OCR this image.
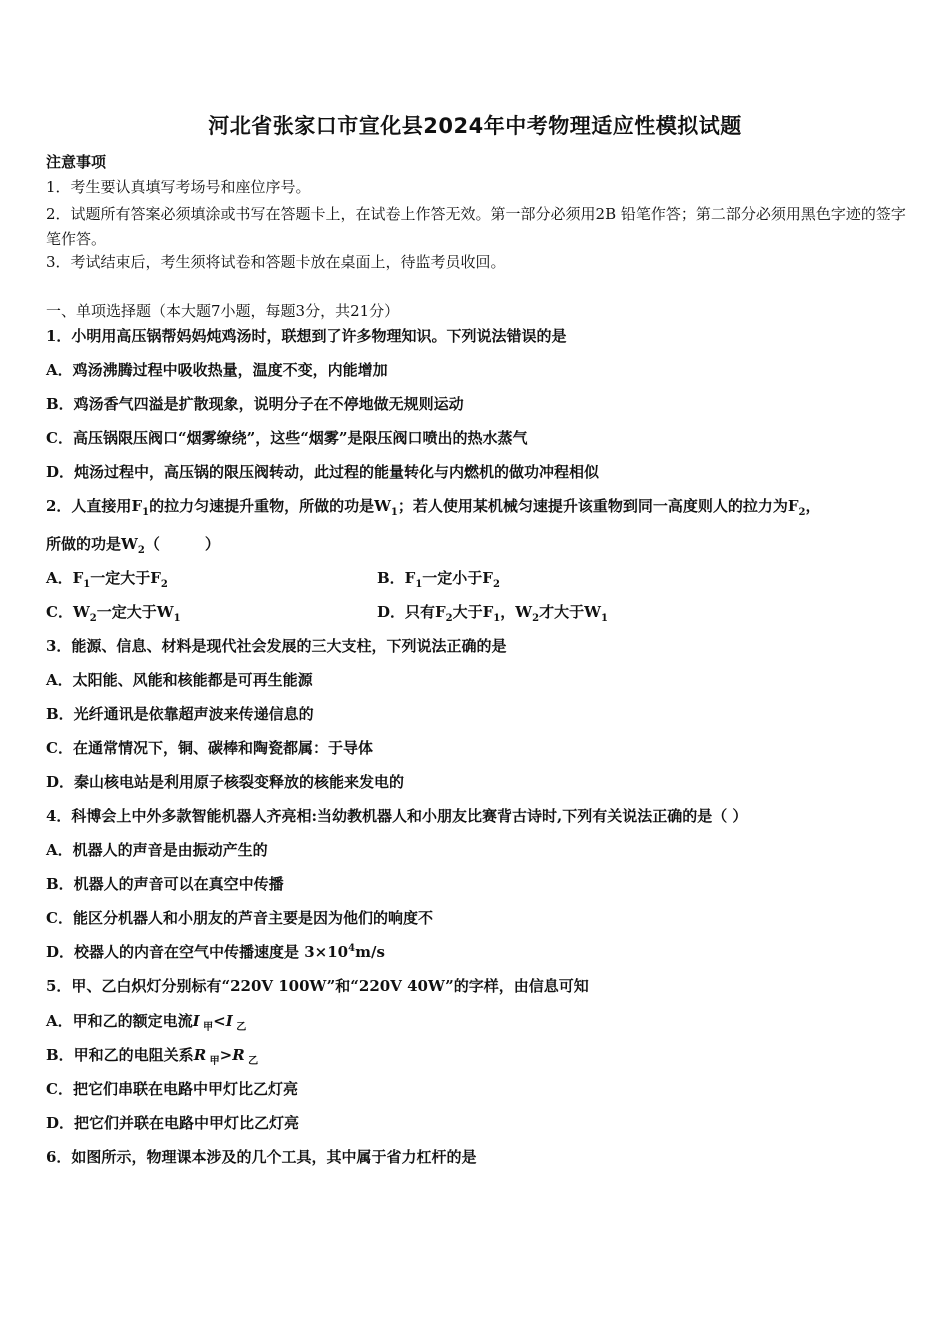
河北省张家口市宣化县2024年中考物理适应性模拟试题
注意事项
1．考生要认真填写考场号和座位序号。
2．试题所有答案必须填涂或书写在答题卡上，在试卷上作答无效。第一部分必须用2B 铅笔作答；第二部分必须用黑色字迹的签字笔作答。
3．考试结束后，考生须将试卷和答题卡放在桌面上，待监考员收回。
一、单项选择题（本大题7小题，每题3分，共21分）
1．小明用高压锅帮妈妈炖鸡汤时，联想到了许多物理知识。下列说法错误的是
A．鸡汤沸腾过程中吸收热量，温度不变，内能增加
B．鸡汤香气四溢是扩散现象，说明分子在不停地做无规则运动
C．高压锅限压阀口“烟雾缭绕”，这些“烟雾”是限压阀口喷出的热水蒸气
D．炖汤过程中，高压锅的限压阀转动，此过程的能量转化与内燃机的做功冲程相似
2．人直接用$F_1$的拉力匀速提升重物，所做的功是$W_1$；若人使用某机械匀速提升该重物到同一高度则人的拉力为$F_2$，
所做的功是$W_2$（　　　）
A．$F_1$一定大于$F_2$	B．$F_1$一定小于$F_2$
C．$W_2$一定大于$W_1$	D．只有$F_2$大于$F_1$，$W_2$才大于$W_1$
3．能源、信息、材料是现代社会发展的三大支柱，下列说法正确的是
A．太阳能、风能和核能都是可再生能源
B．光纤通讯是依靠超声波来传递信息的
C．在通常情况下，铜、碳棒和陶瓷都属：于导体
D．秦山核电站是利用原子核裂变释放的核能来发电的
4．科博会上中外多款智能机器人齐亮相:当幼教机器人和小朋友比赛背古诗时,下列有关说法正确的是（ ）
A．机器人的声音是由振动产生的
B．机器人的声音可以在真空中传播
C．能区分机器人和小朋友的芦音主要是因为他们的响度不
D．校器人的内音在空气中传播速度是 $3\times 10^4m/s$
5．甲、乙白炽灯分别标有“220V 100W”和“220V 40W”的字样，由信息可知
A．甲和乙的额定电流I $_甲$<I $_乙$
B．甲和乙的电阻关系R $_甲$>R $_乙$
C．把它们串联在电路中甲灯比乙灯亮
D．把它们并联在电路中甲灯比乙灯亮
6．如图所示，物理课本涉及的几个工具，其中属于省力杠杆的是
